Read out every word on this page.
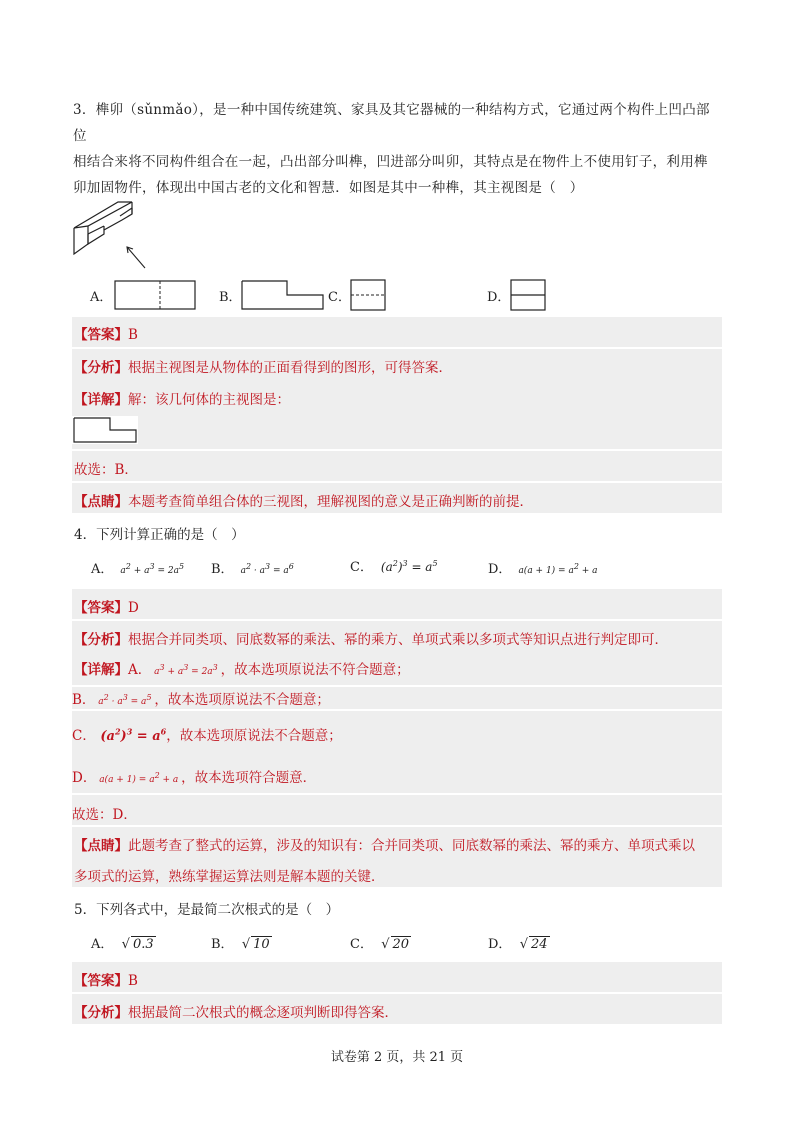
3．榫卯（sǔnmǎo），是一种中国传统建筑、家具及其它器械的一种结构方式，它通过两个构件上凹凸部位
相结合来将不同构件组合在一起，凸出部分叫榫，凹进部分叫卯，其特点是在物件上不使用钉子，利用榫
卯加固物件，体现出中国古老的文化和智慧．如图是其中一种榫，其主视图是（　）
A．	B．	C．	D．
【答案】B
【分析】根据主视图是从物体的正面看得到的图形，可得答案．
【详解】解：该几何体的主视图是：
故选：B．
【点睛】本题考查简单组合体的三视图，理解视图的意义是正确判断的前提．
4．下列计算正确的是（　）
A．  $a^2 + a^3 = 2a^5$ B．  $a^2 \cdot a^3 = a^6$	C．  $(a^2)^3 = a^5$	D．  $a(a + 1) = a^2 + a$
【答案】D
【分析】根据合并同类项、同底数幂的乘法、幂的乘方、单项式乘以多项式等知识点进行判定即可．
【详解】A． $a^3 + a^3 = 2a^3$ ，故本选项原说法不符合题意；
B． $a^2 \cdot a^3 = a^5$ ，故本选项原说法不合题意；
C． $(a^2)^3 = a^6$，故本选项原说法不合题意；
D． $a(a + 1) = a^2 + a$ ，故本选项符合题意．
故选：D．
【点睛】此题考查了整式的运算，涉及的知识有：合并同类项、同底数幂的乘法、幂的乘方、单项式乘以
多项式的运算，熟练掌握运算法则是解本题的关键．
5．下列各式中，是最简二次根式的是（　）
A．  √ 0.3	B．  √ 10	C．  √ 20	D．  √ 24
【答案】B
【分析】根据最简二次根式的概念逐项判断即得答案．
试卷第 2 页，共 21 页
